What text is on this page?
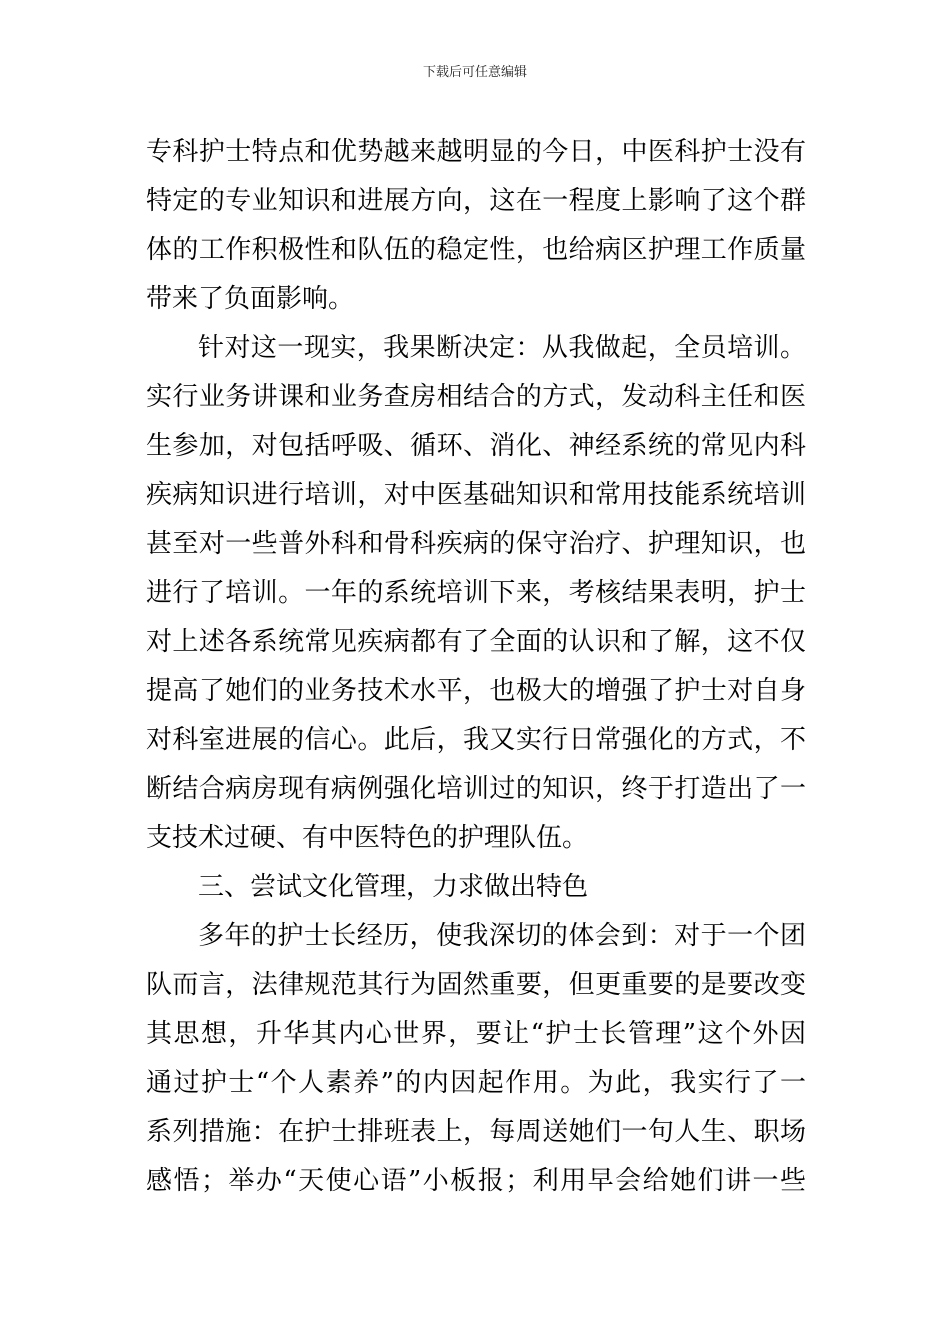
下载后可任意编辑
专科护士特点和优势越来越明显的今日，中医科护士没有
特定的专业知识和进展方向，这在一程度上影响了这个群
体的工作积极性和队伍的稳定性，也给病区护理工作质量
带来了负面影响。
针对这一现实，我果断决定：从我做起，全员培训。
实行业务讲课和业务查房相结合的方式，发动科主任和医
生参加，对包括呼吸、循环、消化、神经系统的常见内科
疾病知识进行培训，对中医基础知识和常用技能系统培训
甚至对一些普外科和骨科疾病的保守治疗、护理知识，也
进行了培训。一年的系统培训下来，考核结果表明，护士
对上述各系统常见疾病都有了全面的认识和了解，这不仅
提高了她们的业务技术水平，也极大的增强了护士对自身
对科室进展的信心。此后，我又实行日常强化的方式，不
断结合病房现有病例强化培训过的知识，终于打造出了一
支技术过硬、有中医特色的护理队伍。
三、尝试文化管理，力求做出特色
多年的护士长经历，使我深切的体会到：对于一个团
队而言，法律规范其行为固然重要，但更重要的是要改变
其思想，升华其内心世界，要让“护士长管理”这个外因
通过护士“个人素养”的内因起作用。为此，我实行了一
系列措施：在护士排班表上，每周送她们一句人生、职场
感悟；举办“天使心语”小板报；利用早会给她们讲一些
